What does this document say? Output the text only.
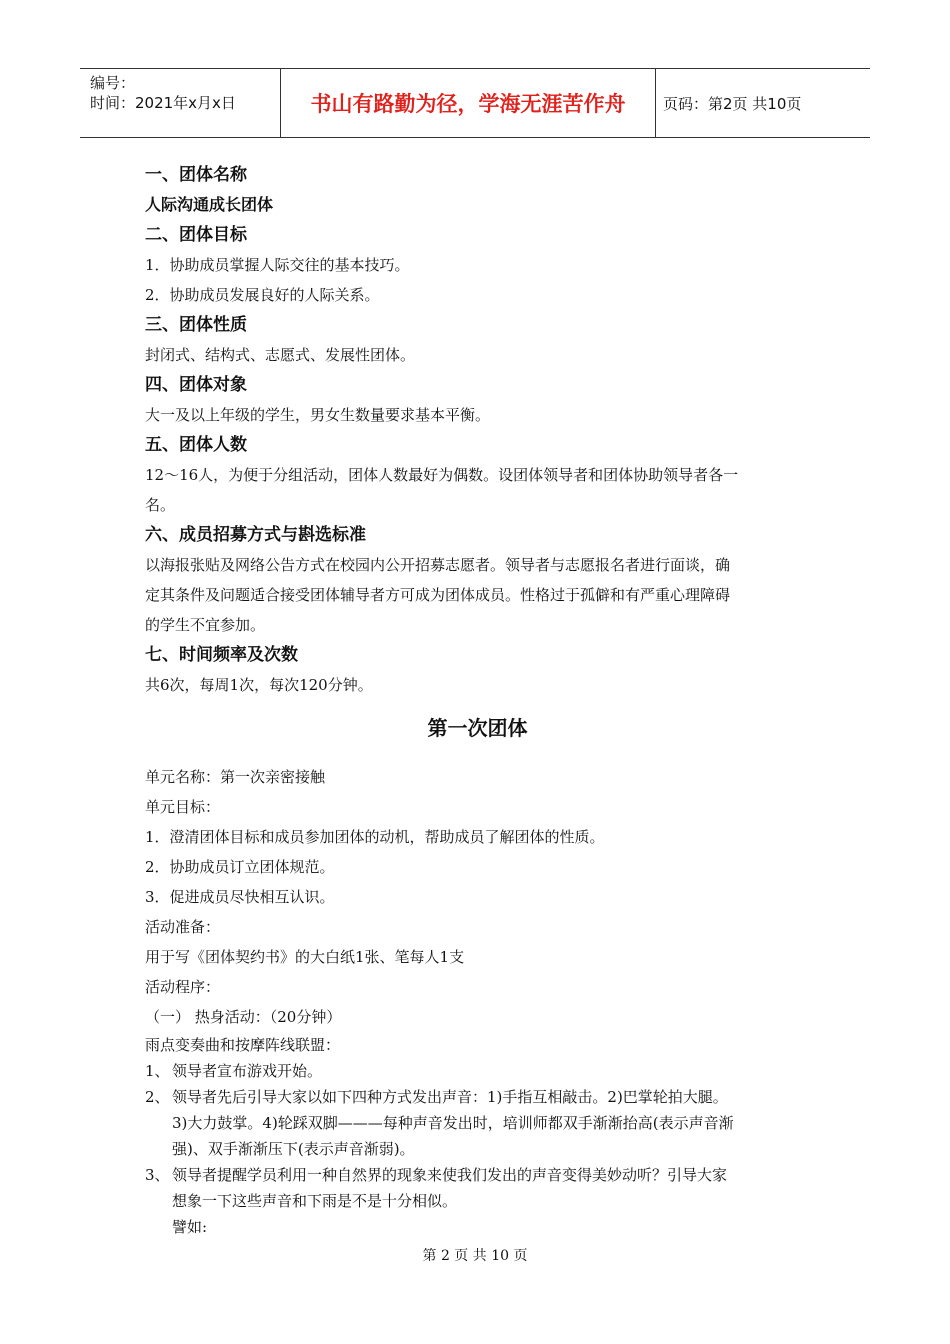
编号：
时间：2021年x月x日	书山有路勤为径，学海无涯苦作舟	页码：第2页 共10页
一、团体名称
人际沟通成长团体
二、团体目标
1．协助成员掌握人际交往的基本技巧。
2．协助成员发展良好的人际关系。
三、团体性质
封闭式、结构式、志愿式、发展性团体。
四、团体对象
大一及以上年级的学生，男女生数量要求基本平衡。
五、团体人数
12～16人，为便于分组活动，团体人数最好为偶数。设团体领导者和团体协助领导者各一
名。
六、成员招募方式与斟选标准
以海报张贴及网络公告方式在校园内公开招募志愿者。领导者与志愿报名者进行面谈，确
定其条件及问题适合接受团体辅导者方可成为团体成员。性格过于孤僻和有严重心理障碍
的学生不宜参加。
七、时间频率及次数
共6次，每周1次，每次120分钟。
第一次团体
单元名称：第一次亲密接触
单元目标：
1．澄清团体目标和成员参加团体的动机，帮助成员了解团体的性质。
2．协助成员订立团体规范。
3．促进成员尽快相互认识。
活动准备：
用于写《团体契约书》的大白纸1张、笔每人1支
活动程序：
（一） 热身活动：（20分钟）
雨点变奏曲和按摩阵线联盟：
1、 领导者宣布游戏开始。
2、 领导者先后引导大家以如下四种方式发出声音：1)手指互相敲击。2)巴掌轮拍大腿。
3)大力鼓掌。4)轮踩双脚———每种声音发出时，培训师都双手渐渐抬高(表示声音渐
强)、双手渐渐压下(表示声音渐弱)。
3、 领导者提醒学员利用一种自然界的现象来使我们发出的声音变得美妙动听？引导大家
想象一下这些声音和下雨是不是十分相似。
譬如:
第 2 页 共 10 页
